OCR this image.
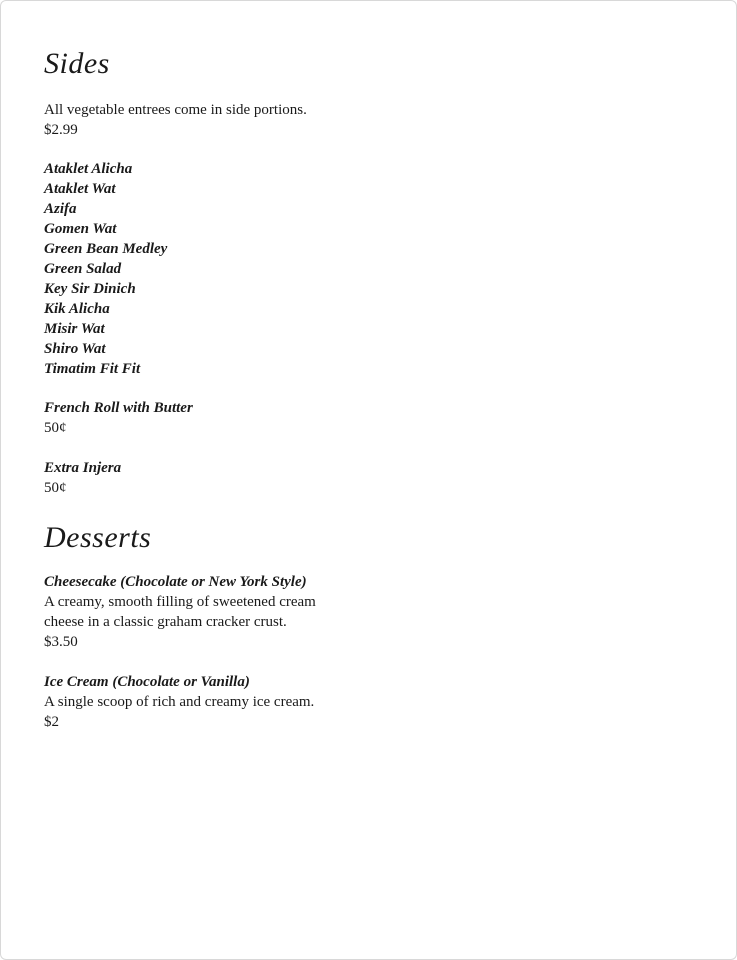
Sides

All vegetable entrees come in side portions.

$2.99

Ataklet Alicha

Ataklet Wat

Azifa

Gomen Wat

Green Bean Medley

Green Salad

Key Sir Dinich

Kik Alicha

Misir Wat

Shiro Wat

Timatim Fit Fit

French Roll with Butter

50¢

Extra Injera

50¢

Desserts

Cheesecake (Chocolate or New York Style)

A creamy, smooth filling of sweetened cream

cheese in a classic graham cracker crust.

$3.50

Ice Cream (Chocolate or Vanilla)

A single scoop of rich and creamy ice cream.

$2
